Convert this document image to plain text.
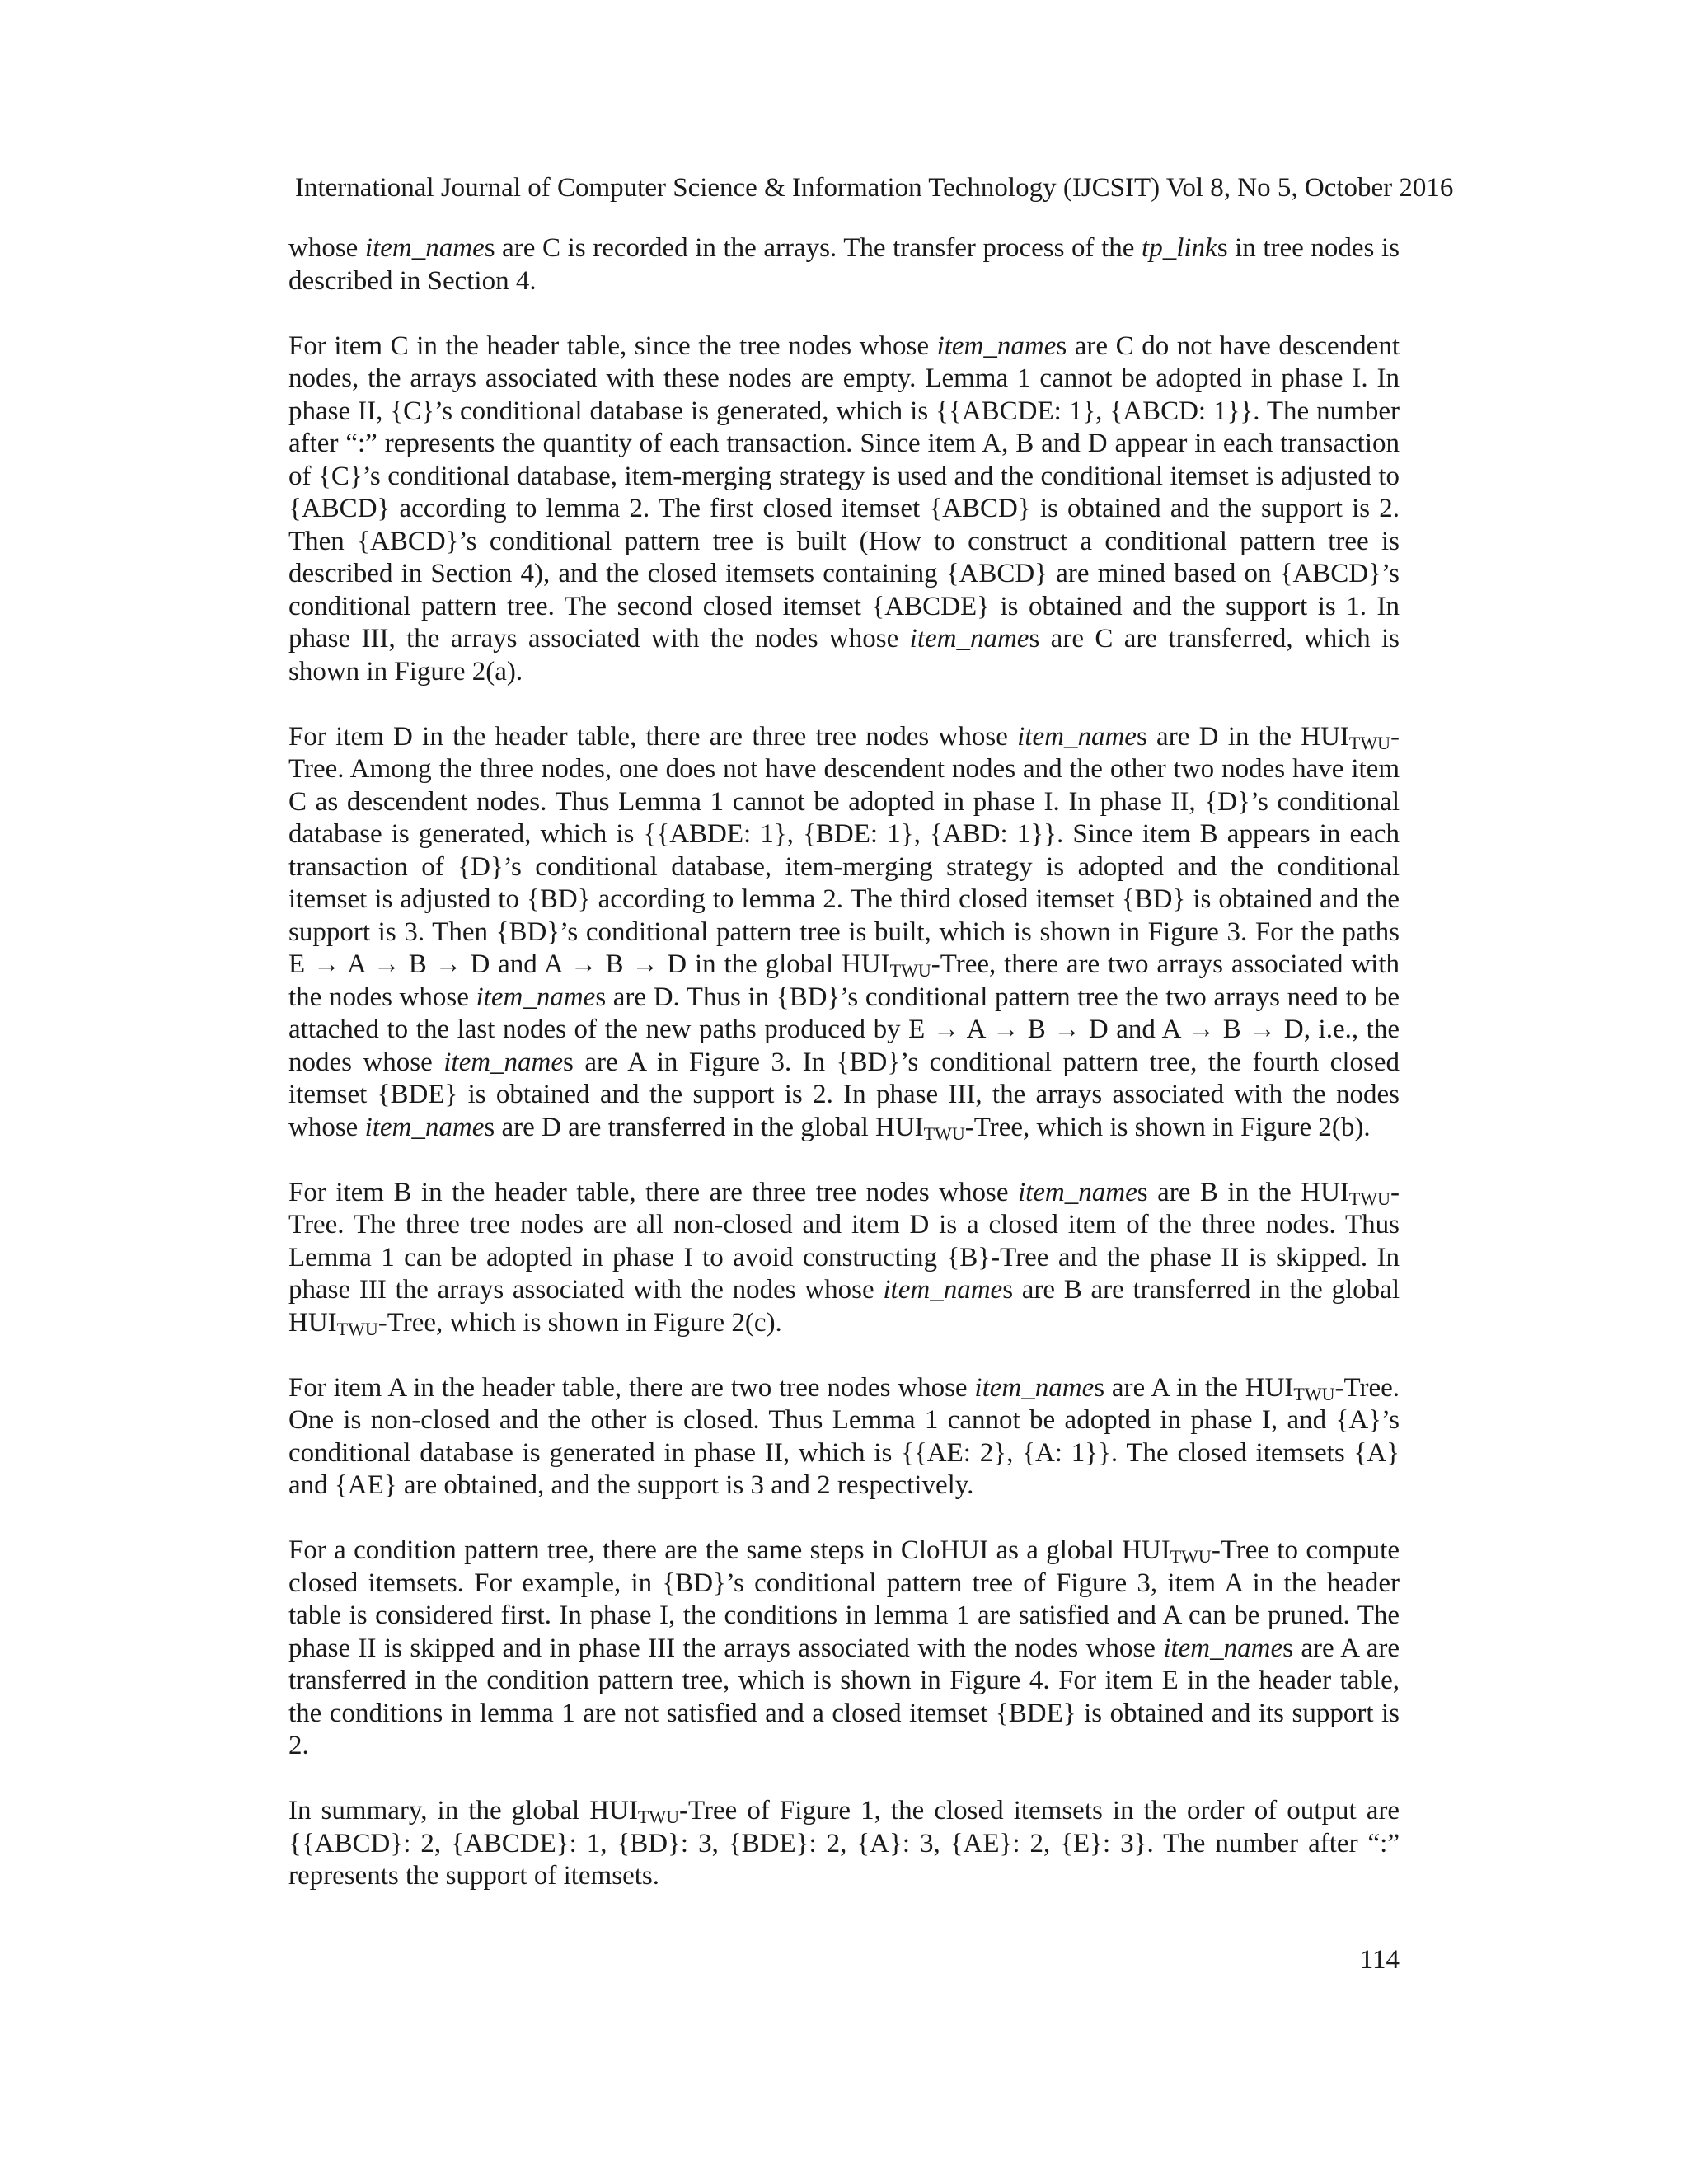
International Journal of Computer Science & Information Technology (IJCSIT) Vol 8, No 5, October 2016

whose item_names are C is recorded in the arrays. The transfer process of the tp_links in tree nodes is described in Section 4.

For item C in the header table, since the tree nodes whose item_names are C do not have descendent nodes, the arrays associated with these nodes are empty. Lemma 1 cannot be adopted in phase I. In phase II, {C}’s conditional database is generated, which is {{ABCDE: 1}, {ABCD: 1}}. The number after “:” represents the quantity of each transaction. Since item A, B and D appear in each transaction of {C}’s conditional database, item-merging strategy is used and the conditional itemset is adjusted to {ABCD} according to lemma 2. The first closed itemset {ABCD} is obtained and the support is 2. Then {ABCD}’s conditional pattern tree is built (How to construct a conditional pattern tree is described in Section 4), and the closed itemsets containing {ABCD} are mined based on {ABCD}’s conditional pattern tree. The second closed itemset {ABCDE} is obtained and the support is 1. In phase III, the arrays associated with the nodes whose item_names are C are transferred, which is shown in Figure 2(a).

For item D in the header table, there are three tree nodes whose item_names are D in the $HUI_{TWU}$-Tree. Among the three nodes, one does not have descendent nodes and the other two nodes have item C as descendent nodes. Thus Lemma 1 cannot be adopted in phase I. In phase II, {D}’s conditional database is generated, which is {{ABDE: 1}, {BDE: 1}, {ABD: 1}}. Since item B appears in each transaction of {D}’s conditional database, item-merging strategy is adopted and the conditional itemset is adjusted to {BD} according to lemma 2. The third closed itemset {BD} is obtained and the support is 3. Then {BD}’s conditional pattern tree is built, which is shown in Figure 3. For the paths E → A → B → D and A → B → D in the global $HUI_{TWU}$-Tree, there are two arrays associated with the nodes whose item_names are D. Thus in {BD}’s conditional pattern tree the two arrays need to be attached to the last nodes of the new paths produced by E → A → B → D and A → B → D, i.e., the nodes whose item_names are A in Figure 3. In {BD}’s conditional pattern tree, the fourth closed itemset {BDE} is obtained and the support is 2. In phase III, the arrays associated with the nodes whose item_names are D are transferred in the global $HUI_{TWU}$-Tree, which is shown in Figure 2(b).

For item B in the header table, there are three tree nodes whose item_names are B in the $HUI_{TWU}$-Tree. The three tree nodes are all non-closed and item D is a closed item of the three nodes. Thus Lemma 1 can be adopted in phase I to avoid constructing {B}-Tree and the phase II is skipped. In phase III the arrays associated with the nodes whose item_names are B are transferred in the global $HUI_{TWU}$-Tree, which is shown in Figure 2(c).

For item A in the header table, there are two tree nodes whose item_names are A in the $HUI_{TWU}$-Tree. One is non-closed and the other is closed. Thus Lemma 1 cannot be adopted in phase I, and {A}’s conditional database is generated in phase II, which is {{AE: 2}, {A: 1}}. The closed itemsets {A} and {AE} are obtained, and the support is 3 and 2 respectively.

For a condition pattern tree, there are the same steps in CloHUI as a global $HUI_{TWU}$-Tree to compute closed itemsets. For example, in {BD}’s conditional pattern tree of Figure 3, item A in the header table is considered first. In phase I, the conditions in lemma 1 are satisfied and A can be pruned. The phase II is skipped and in phase III the arrays associated with the nodes whose item_names are A are transferred in the condition pattern tree, which is shown in Figure 4. For item E in the header table, the conditions in lemma 1 are not satisfied and a closed itemset {BDE} is obtained and its support is 2.

In summary, in the global $HUI_{TWU}$-Tree of Figure 1, the closed itemsets in the order of output are {{ABCD}: 2, {ABCDE}: 1, {BD}: 3, {BDE}: 2, {A}: 3, {AE}: 2, {E}: 3}. The number after “:” represents the support of itemsets.

114
